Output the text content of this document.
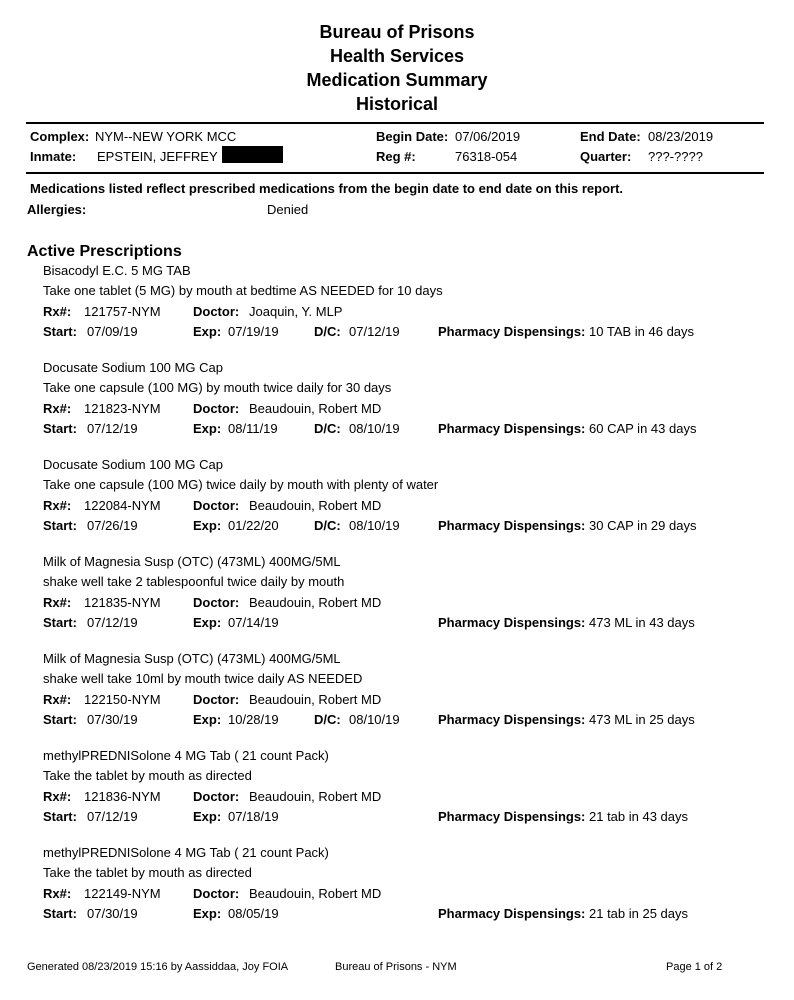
Bureau of Prisons
Health Services
Medication Summary
Historical
Complex: NYM--NEW YORK MCC	Begin Date: 07/06/2019	End Date: 08/23/2019
Inmate: EPSTEIN, JEFFREY	Reg #:	76318-054	Quarter: ???-????
Medications listed reflect prescribed medications from the begin date to end date on this report.
Allergies:	Denied
Active Prescriptions
Bisacodyl E.C. 5 MG TAB
Take one tablet (5 MG) by mouth at bedtime AS NEEDED for 10 days
Rx#: 121757-NYM Doctor: Joaquin, Y. MLP
Start: 07/09/19	Exp: 07/19/19	D/C: 07/12/19	Pharmacy Dispensings: 10 TAB in 46 days
Docusate Sodium 100 MG Cap
Take one capsule (100 MG) by mouth twice daily for 30 days
Rx#: 121823-NYM Doctor: Beaudouin, Robert MD
Start: 07/12/19	Exp: 08/11/19	D/C: 08/10/19	Pharmacy Dispensings: 60 CAP in 43 days
Docusate Sodium 100 MG Cap
Take one capsule (100 MG) twice daily by mouth with plenty of water
Rx#: 122084-NYM Doctor: Beaudouin, Robert MD
Start: 07/26/19	Exp: 01/22/20	D/C: 08/10/19	Pharmacy Dispensings: 30 CAP in 29 days
Milk of Magnesia Susp (OTC) (473ML) 400MG/5ML
shake well take 2 tablespoonful twice daily by mouth
Rx#: 121835-NYM Doctor: Beaudouin, Robert MD
Start: 07/12/19	Exp: 07/14/19	Pharmacy Dispensings: 473 ML in 43 days
Milk of Magnesia Susp (OTC) (473ML) 400MG/5ML
shake well take 10ml by mouth twice daily AS NEEDED
Rx#: 122150-NYM Doctor: Beaudouin, Robert MD
Start: 07/30/19	Exp: 10/28/19	D/C: 08/10/19	Pharmacy Dispensings: 473 ML in 25 days
methylPREDNISolone 4 MG Tab ( 21 count Pack)
Take the tablet by mouth as directed
Rx#: 121836-NYM Doctor: Beaudouin, Robert MD
Start: 07/12/19	Exp: 07/18/19	Pharmacy Dispensings: 21 tab in 43 days
methylPREDNISolone 4 MG Tab ( 21 count Pack)
Take the tablet by mouth as directed
Rx#: 122149-NYM Doctor: Beaudouin, Robert MD
Start: 07/30/19	Exp: 08/05/19	Pharmacy Dispensings: 21 tab in 25 days
Generated 08/23/2019 15:16 by Aassiddaa, Joy FOIA	Bureau of Prisons - NYM	Page 1 of 2
